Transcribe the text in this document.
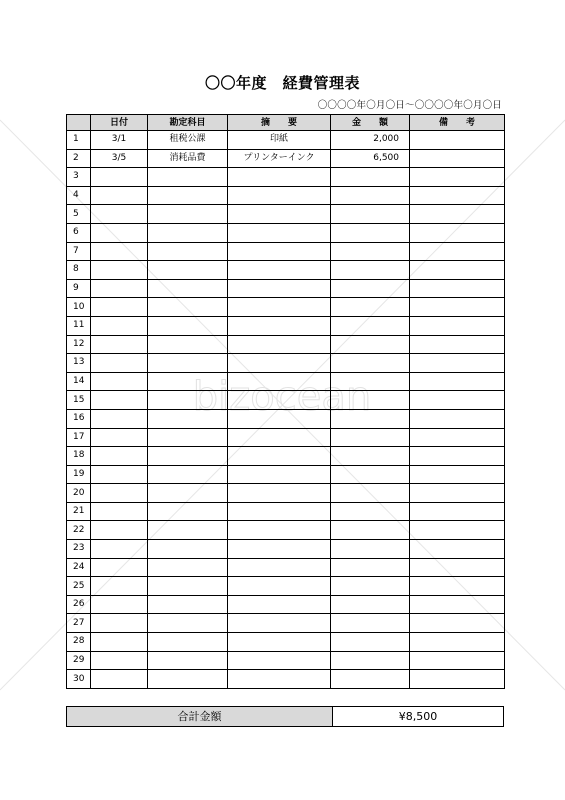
bizocean
〇〇年度　経費管理表
〇〇〇〇年〇月〇日～〇〇〇〇年〇月〇日
	日付	勘定科目	摘　　要	金　　額	備　　考
1	3/1	租税公課	印紙	2,000	
2	3/5	消耗品費	プリンターインク	6,500	
3					
4					
5					
6					
7					
8					
9					
10					
11					
12					
13					
14					
15					
16					
17					
18					
19					
20					
21					
22					
23					
24					
25					
26					
27					
28					
29					
30					
合計金額	¥8,500
